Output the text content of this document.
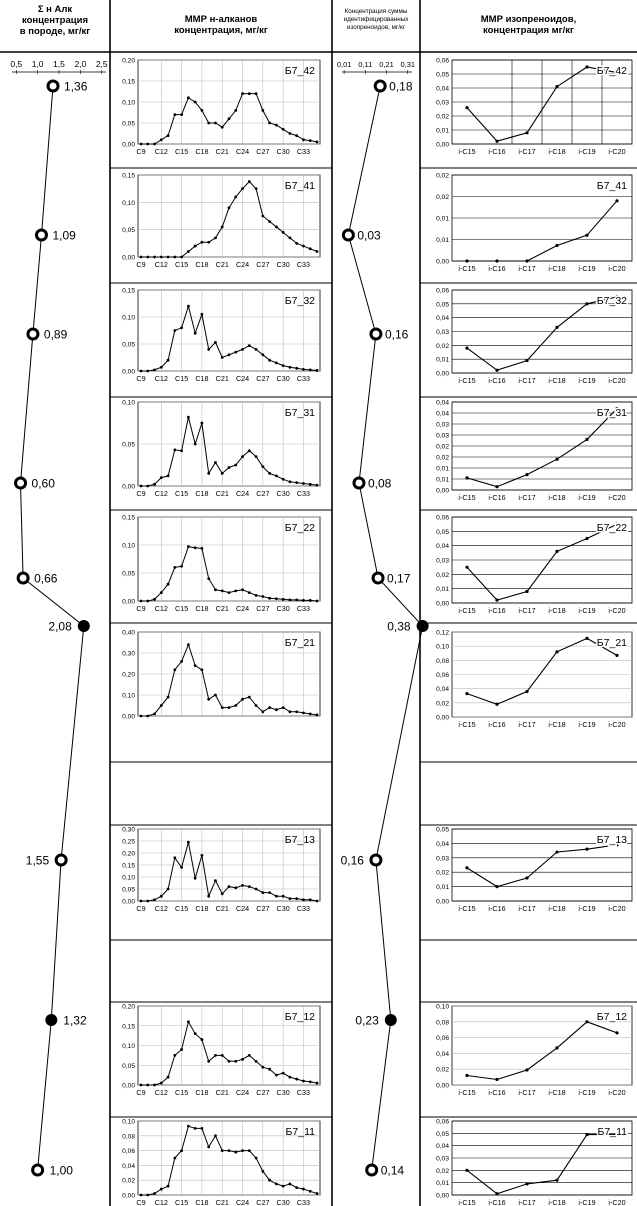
Σ н Алк
концентрация
в породе, мг/кг
ММР н-алканов
концентрация, мг/кг
Концентрация суммы
идентифицированных
изопреноидов, мг/кг
ММР изопреноидов,
концентрация мг/кг
0,5 1,0 1,5 2,0 2,5	0,01 0,11 0,21 0,31
1,36
1,09
0,89
0,60
0,66
2,08
1,55
1,32
1,00
0,18
0,03
0,16
0,08
0,17
0,38
0,16
0,23
0,14
0,00
0,05
0,10
0,15
0,20
C9 C12 C15 C18 C21 C24 C27 C30 C33
Б7_42
0,00
0,05
0,10
0,15
C9 C12 C15 C18 C21 C24 C27 C30 C33
Б7_41
0,00
0,05
0,10
0,15
C9 C12 C15 C18 C21 C24 C27 C30 C33
Б7_32
0,00
0,05
0,10
C9 C12 C15 C18 C21 C24 C27 C30 C33
Б7_31
0,00
0,05
0,10
0,15
C9 C12 C15 C18 C21 C24 C27 C30 C33
Б7_22
0,00
0,10
0,20
0,30
0,40
Б7_21
0,00
0,05
0,10
0,15
0,20
0,25
0,30
C9 C12 C15 C18 C21 C24 C27 C30 C33
Б7_13
0,00
0,05
0,10
0,15
0,20
C9 C12 C15 C18 C21 C24 C27 C30 C33
Б7_12
0,00
0,02
0,04
0,06
0,08
0,10
C9 C12 C15 C18 C21 C24 C27 C30 C33
Б7_11
0,00
0,01
0,02
0,03
0,04
0,05
0,06
i-C15 i-C16 i-C17 i-C18 i-C19 i-C20
Б7_42
0,00
0,01
0,01
0,02
0,02
i-C15 i-C16 i-C17 i-C18 i-C19 i-C20
Б7_41
0,00
0,01
0,02
0,03
0,04
0,05
0,06
i-C15 i-C16 i-C17 i-C18 i-C19 i-C20
Б7_32
0,00
0,01
0,01
0,02
0,02
0,03
0,03
0,04
0,04
i-C15 i-C16 i-C17 i-C18 i-C19 i-C20
Б7_31
0,00
0,01
0,02
0,03
0,04
0,05
0,06
i-C15 i-C16 i-C17 i-C18 i-C19 i-C20
Б7_22
0,00
0,02
0,04
0,06
0,08
0,10
0,12
i-C15 i-C16 i-C17 i-C18 i-C19 i-C20
Б7_21
0,00
0,01
0,02
0,03
0,04
0,05
i-C15 i-C16 i-C17 i-C18 i-C19 i-C20
Б7_13
0,00
0,02
0,04
0,06
0,08
0,10
i-C15 i-C16 i-C17 i-C18 i-C19 i-C20
Б7_12
0,00
0,01
0,02
0,03
0,04
0,05
0,06
i-C15 i-C16 i-C17 i-C18 i-C19 i-C20
Б7_11
